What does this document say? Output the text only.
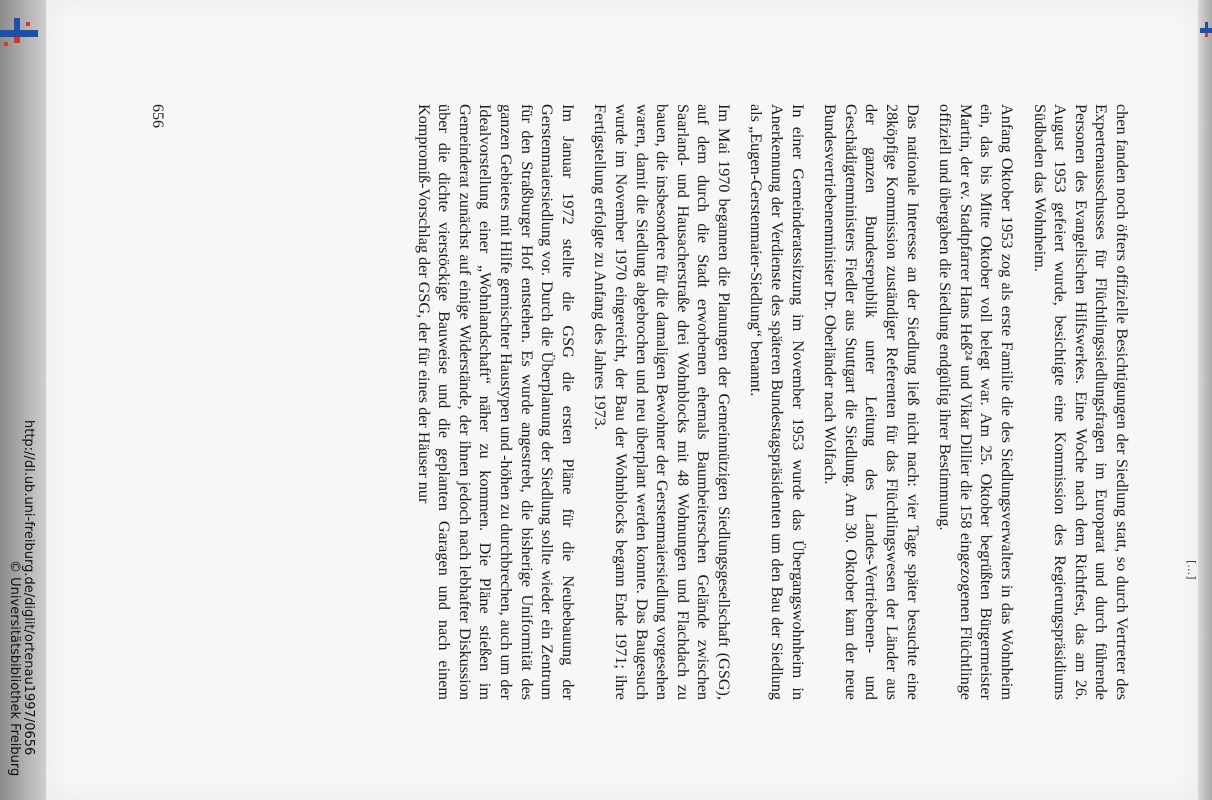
chen fanden noch öfters offizielle Besichtigungen der Siedlung statt, so durch Vertreter des Expertenausschusses für Flüchtlingssiedlungsfragen im Europarat und durch führende Personen des Evangelischen Hilfswerkes. Eine Woche nach dem Richtfest, das am 26. August 1953 gefeiert wurde, besichtigte eine Kommission des Regierungspräsidiums Südbaden das Wohnheim.

Anfang Oktober 1953 zog als erste Familie die des Siedlungsverwalters in das Wohnheim ein, das bis Mitte Oktober voll belegt war. Am 25. Oktober begrüßten Bürgermeister Martin, der ev. Stadtpfarrer Hans Heß²⁴ und Vikar Dillier die 158 eingezogenen Flüchtlinge offiziell und übergaben die Siedlung endgültig ihrer Bestimmung.

Das nationale Interesse an der Siedlung ließ nicht nach: vier Tage später besuchte eine 28köpfige Kommission zuständiger Referenten für das Flüchtlingswesen der Länder aus der ganzen Bundesrepublik unter Leitung des Landes-Vertriebenen- und Geschädigtenministers Fiedler aus Stuttgart die Siedlung. Am 30. Oktober kam der neue Bundesvertriebenenminister Dr. Oberländer nach Wolfach.

In einer Gemeinderatssitzung im November 1953 wurde das Übergangswohnheim in Anerkennung der Verdienste des späteren Bundestagspräsidenten um den Bau der Siedlung als „Eugen-Gerstenmaier-Siedlung“ benannt.

Im Mai 1970 begannen die Planungen der Gemeinnützigen Siedlungsgesellschaft (GSG), auf dem durch die Stadt erworbenen ehemals Baumbeiterschen Gelände zwischen Saarland- und Hausacherstraße drei Wohnblocks mit 48 Wohnungen und Flachdach zu bauen, die insbesondere für die damaligen Bewohner der Gerstenmaiersiedlung vorgesehen waren, damit die Siedlung abgebrochen und neu überplant werden konnte. Das Baugesuch wurde im November 1970 eingereicht, der Bau der Wohnblocks begann Ende 1971; ihre Fertigstellung erfolgte zu Anfang des Jahres 1973.

Im Januar 1972 stellte die GSG die ersten Pläne für die Neubebauung der Gerstenmaiersiedlung vor. Durch die Überplanung der Siedlung sollte wieder ein Zentrum für den Straßburger Hof entstehen. Es wurde angestrebt, die bisherige Uniformität des ganzen Gebietes mit Hilfe gemischter Haustypen und -höhen zu durchbrechen, auch um der Idealvorstellung einer „Wohnlandschaft“ näher zu kommen. Die Pläne stießen im Gemeinderat zunächst auf einige Widerstände, der ihnen jedoch nach lebhafter Diskussion über die dichte vierstöckige Bauweise und die geplanten Garagen und nach einem Kompromiß-Vorschlag der GSG, der für eines der Häuser nur

656
http://dl.ub.uni-freiburg.de/diglit/ortenau1997/0656
© Universitätsbibliothek Freiburg	[…]
